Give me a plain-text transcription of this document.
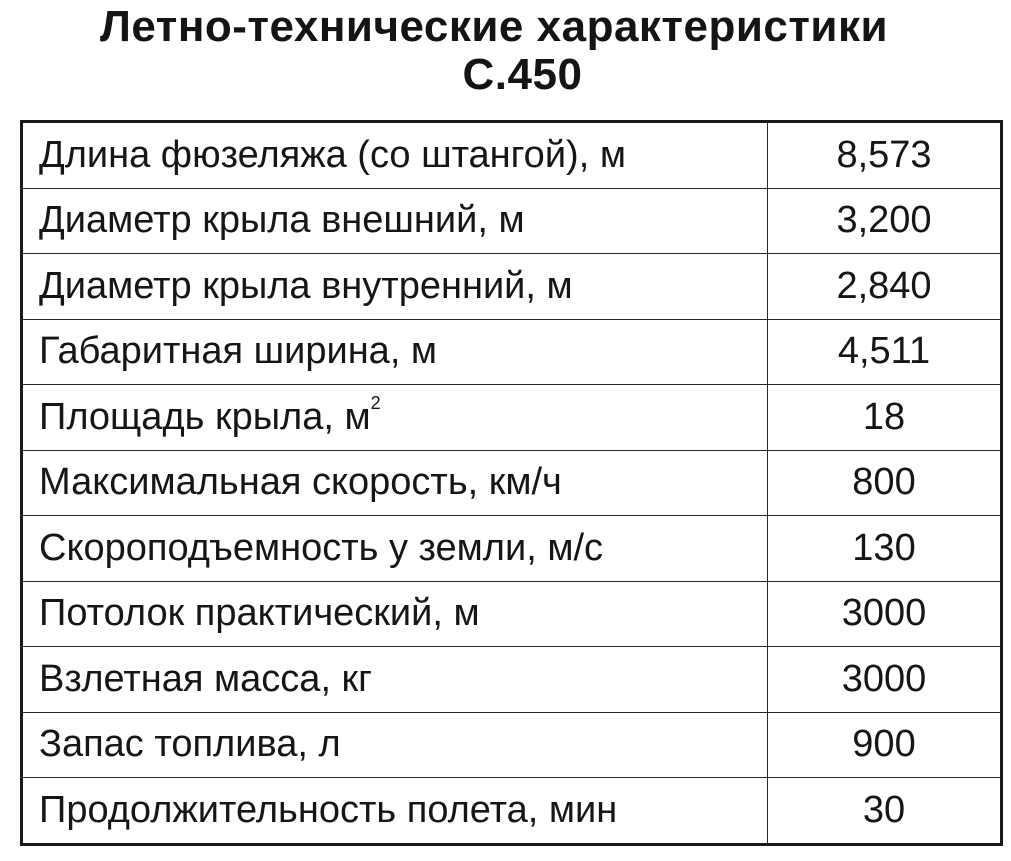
Летно-технические характеристики
С.450
Длина фюзеляжа (со штангой), м	8,573
Диаметр крыла внешний, м	3,200
Диаметр крыла внутренний, м	2,840
Габаритная ширина, м	4,511
Площадь крыла, $м^2$	18
Максимальная скорость, км/ч	800
Скороподъемность у земли, м/с	130
Потолок практический, м	3000
Взлетная масса, кг	3000
Запас топлива, л	900
Продолжительность полета, мин	30
